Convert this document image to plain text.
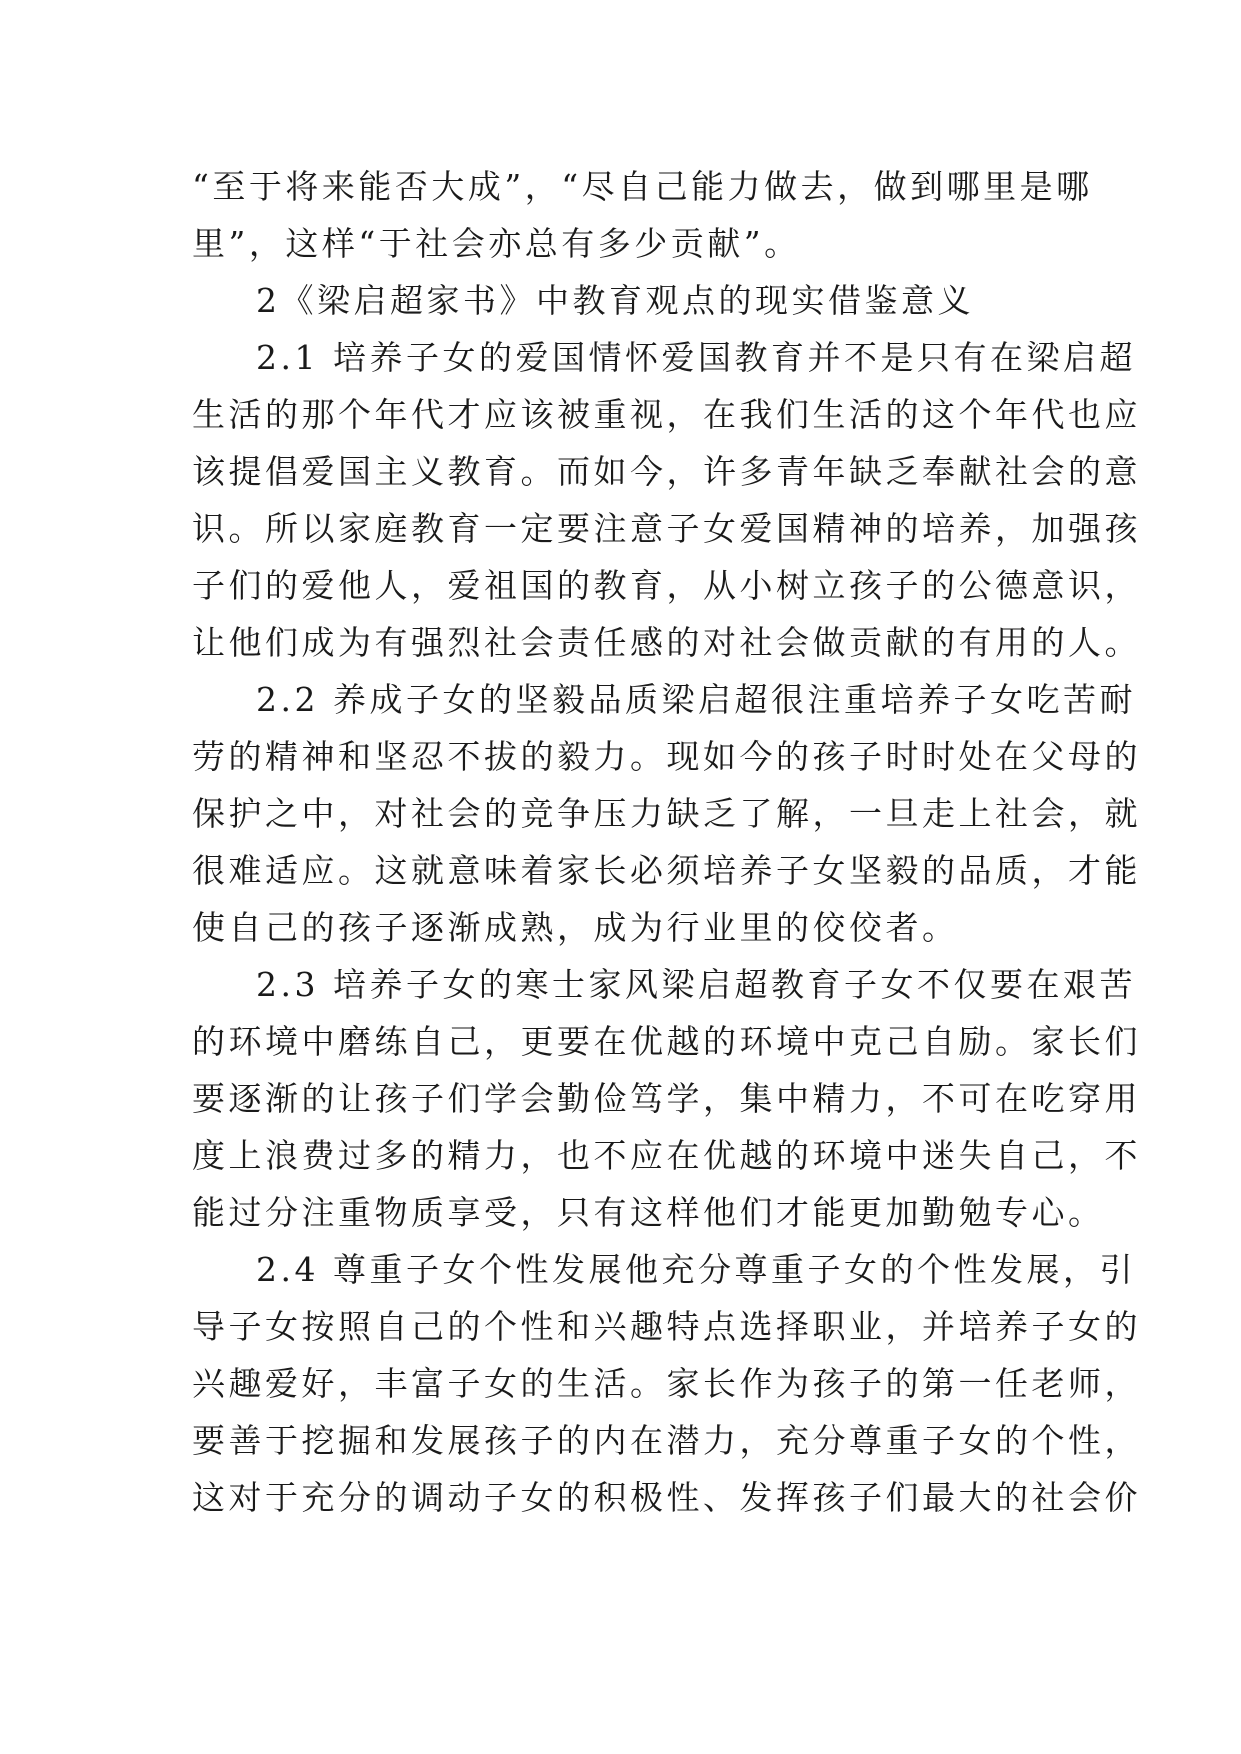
“至于将来能否大成”，“尽自己能力做去，做到哪里是哪
里”，这样“于社会亦总有多少贡献”。
2《梁启超家书》中教育观点的现实借鉴意义
2.1 培养子女的爱国情怀爱国教育并不是只有在梁启超
生活的那个年代才应该被重视，在我们生活的这个年代也应
该提倡爱国主义教育。而如今，许多青年缺乏奉献社会的意
识。所以家庭教育一定要注意子女爱国精神的培养，加强孩
子们的爱他人，爱祖国的教育，从小树立孩子的公德意识，
让他们成为有强烈社会责任感的对社会做贡献的有用的人。
2.2 养成子女的坚毅品质梁启超很注重培养子女吃苦耐
劳的精神和坚忍不拔的毅力。现如今的孩子时时处在父母的
保护之中，对社会的竞争压力缺乏了解，一旦走上社会，就
很难适应。这就意味着家长必须培养子女坚毅的品质，才能
使自己的孩子逐渐成熟，成为行业里的佼佼者。
2.3 培养子女的寒士家风梁启超教育子女不仅要在艰苦
的环境中磨练自己，更要在优越的环境中克己自励。家长们
要逐渐的让孩子们学会勤俭笃学，集中精力，不可在吃穿用
度上浪费过多的精力，也不应在优越的环境中迷失自己，不
能过分注重物质享受，只有这样他们才能更加勤勉专心。
2.4 尊重子女个性发展他充分尊重子女的个性发展，引
导子女按照自己的个性和兴趣特点选择职业，并培养子女的
兴趣爱好，丰富子女的生活。家长作为孩子的第一任老师，
要善于挖掘和发展孩子的内在潜力，充分尊重子女的个性，
这对于充分的调动子女的积极性、发挥孩子们最大的社会价
